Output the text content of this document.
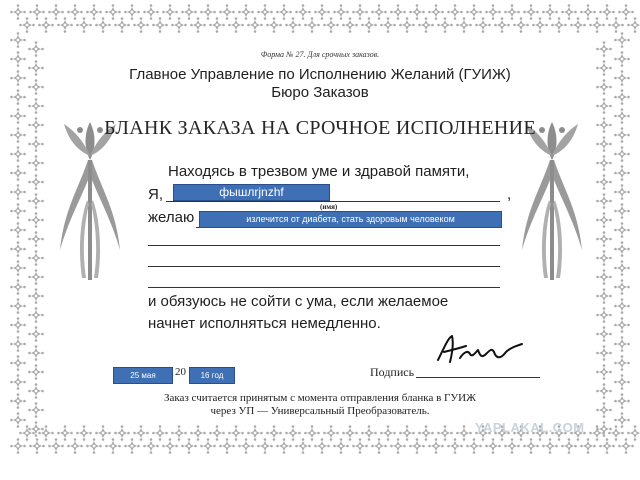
Форма № 27. Для срочных заказов.
Главное Управление по Исполнению Желаний (ГУИЖ)
Бюро Заказов
БЛАНК ЗАКАЗА НА СРОЧНОЕ ИСПОЛНЕНИЕ
Находясь в трезвом уме и здравой памяти,
Я,	,
(имя)
желаю
и обязуюсь не сойти с ума, если желаемое
начнет исполняться немедленно.
фышлrjnzhf
излечится от диабета, стать здоровым человеком
25 мая	20	16 год	Подпись
Заказ считается принятым с момента отправления бланка в ГУИЖ
через УП — Универсальный Преобразователь.
YAPLAKAL.COM
